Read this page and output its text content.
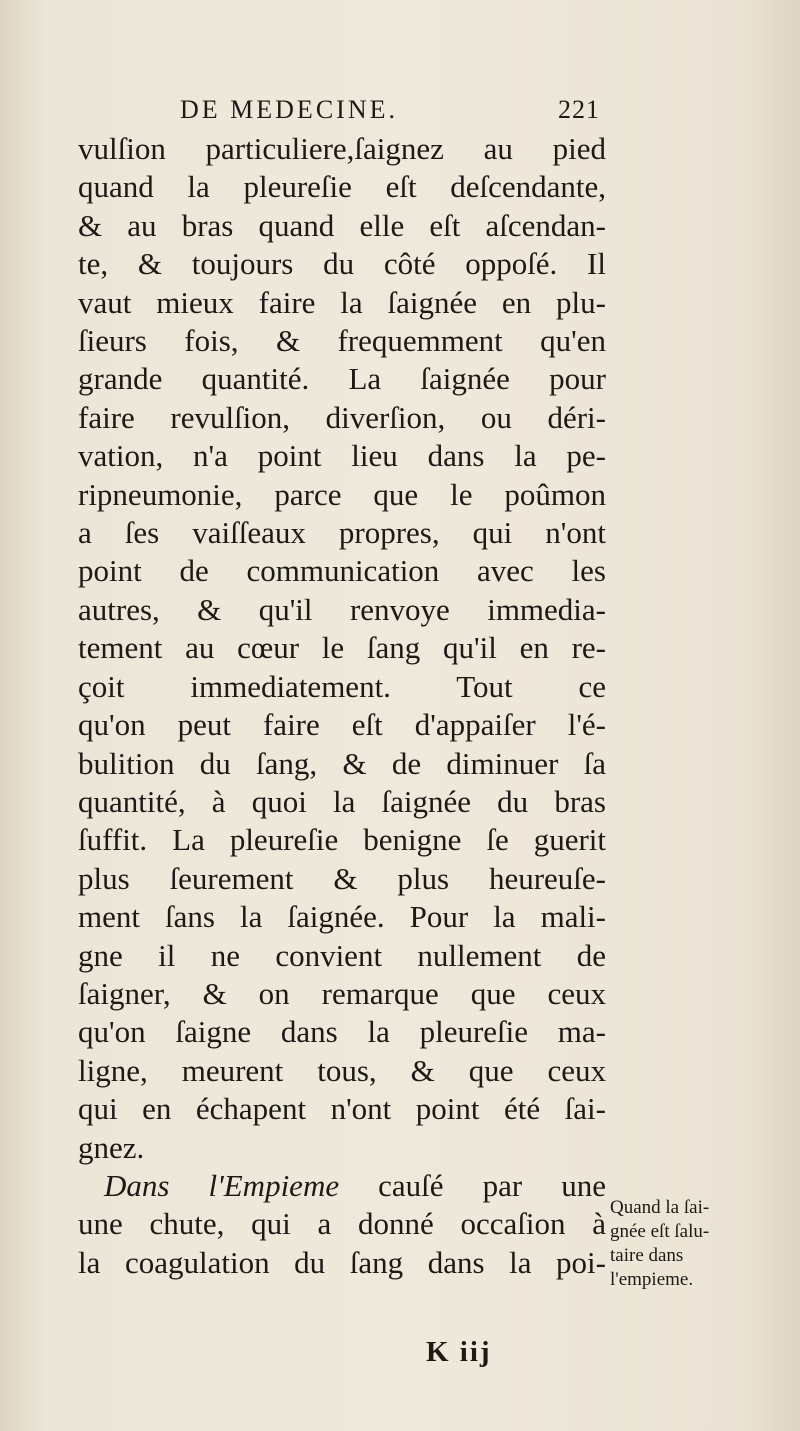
DE MEDECINE.	221
vulſion particuliere,ſaignez au pied
quand la pleureſie eſt deſcendante,
& au bras quand elle eſt aſcendan-
te, & toujours du côté oppoſé. Il
vaut mieux faire la ſaignée en plu-
ſieurs fois, & frequemment qu'en
grande quantité. La ſaignée pour
faire revulſion, diverſion, ou déri-
vation, n'a point lieu dans la pe-
ripneumonie, parce que le poûmon
a ſes vaiſſeaux propres, qui n'ont
point de communication avec les
autres, & qu'il renvoye immedia-
tement au cœur le ſang qu'il en re-
çoit immediatement. Tout ce
qu'on peut faire eſt d'appaiſer l'é-
bulition du ſang, & de diminuer ſa
quantité, à quoi la ſaignée du bras
ſuffit. La pleureſie benigne ſe guerit
plus ſeurement & plus heureuſe-
ment ſans la ſaignée. Pour la mali-
gne il ne convient nullement de
ſaigner, & on remarque que ceux
qu'on ſaigne dans la pleureſie ma-
ligne, meurent tous, & que ceux
qui en échapent n'ont point été ſai-
gnez.
Dans l'Empieme cauſé par une
une chute, qui a donné occaſion à
la coagulation du ſang dans la poi-
Quand la ſai-
gnée eſt ſalu-
taire dans
l'empieme.
K iij
